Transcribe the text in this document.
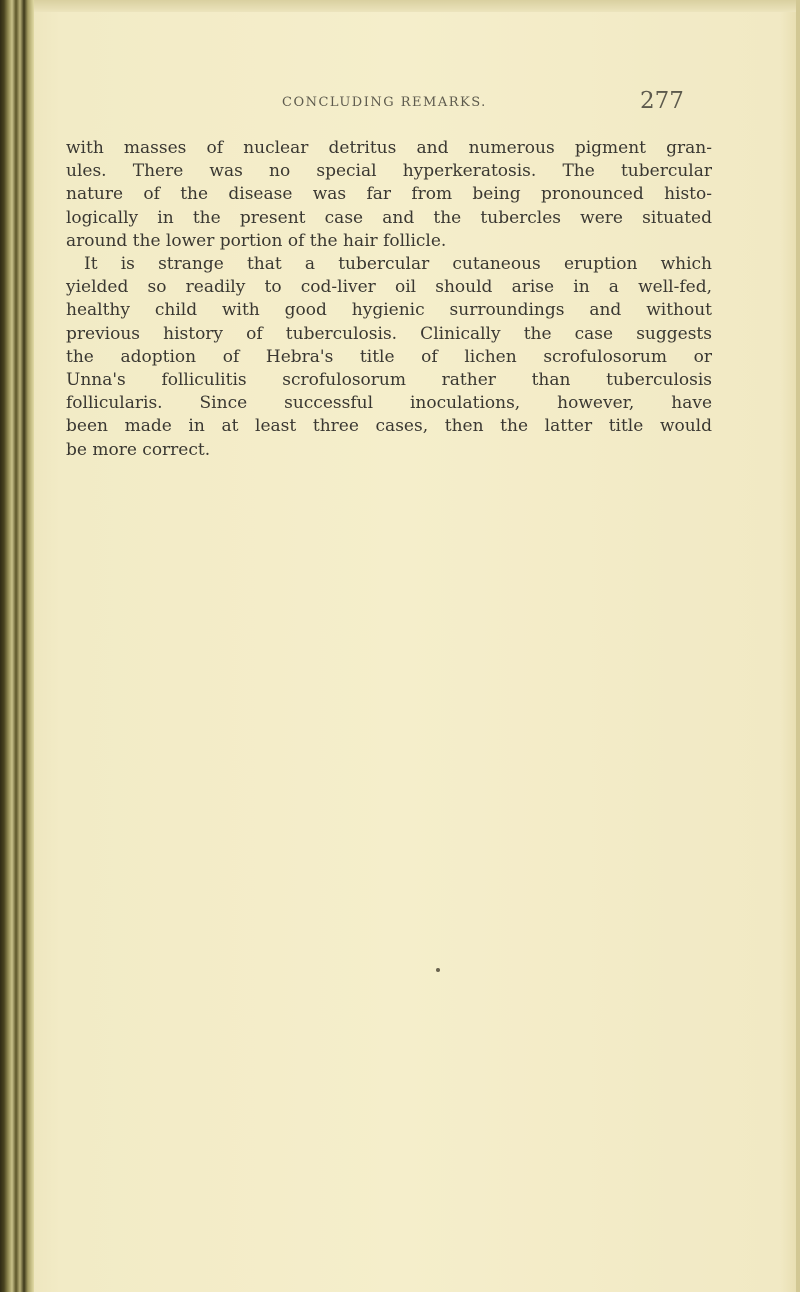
CONCLUDING REMARKS.	277
with masses of nuclear detritus and numerous pigment gran-
ules. There was no special hyperkeratosis. The tubercular
nature of the disease was far from being pronounced histo-
logically in the present case and the tubercles were situated
around the lower portion of the hair follicle.
It is strange that a tubercular cutaneous eruption which
yielded so readily to cod-liver oil should arise in a well-fed,
healthy child with good hygienic surroundings and without
previous history of tuberculosis. Clinically the case suggests
the adoption of Hebra's title of lichen scrofulosorum or
Unna's folliculitis scrofulosorum rather than tuberculosis
follicularis. Since successful inoculations, however, have
been made in at least three cases, then the latter title would
be more correct.
